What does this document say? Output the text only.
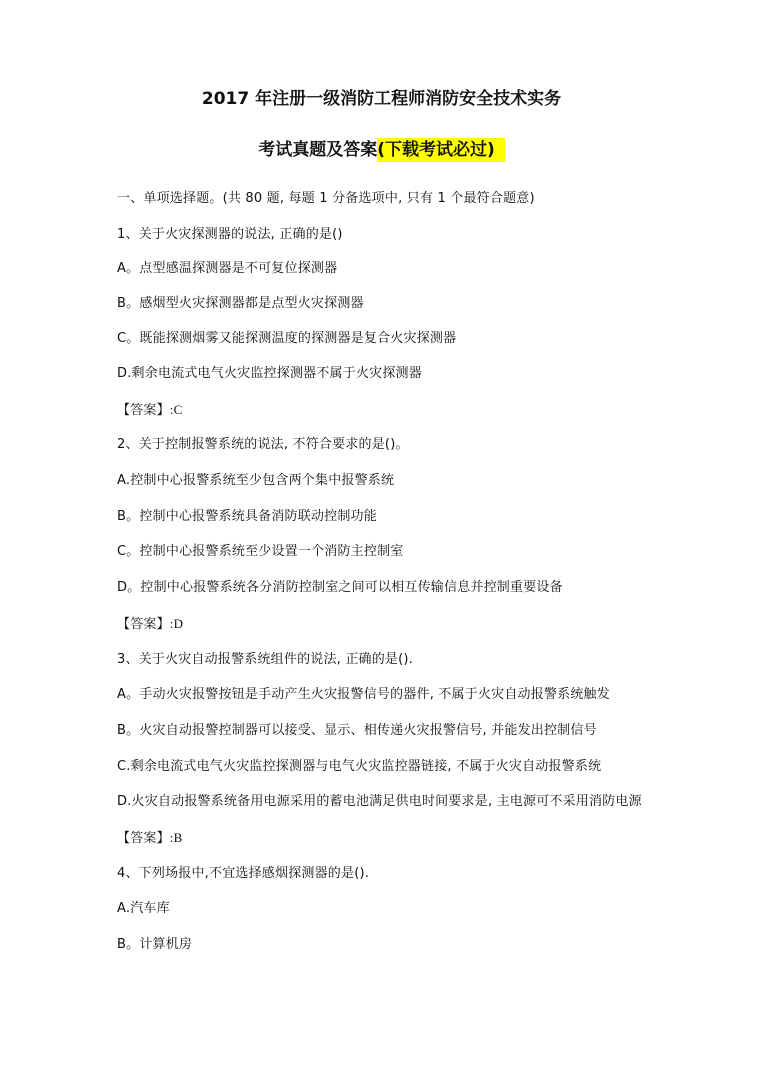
2017 年注册一级消防工程师消防安全技术实务
考试真题及答案(下载考试必过)
一、单项选择题。(共 80 题, 每题 1 分备选项中, 只有 1 个最符合题意)
1、关于火灾探测器的说法, 正确的是()
A。点型感温探测器是不可复位探测器
B。感烟型火灾探测器都是点型火灾探测器
C。既能探测烟雾又能探测温度的探测器是复合火灾探测器
D.剩余电流式电气火灾监控探测器不属于火灾探测器
【答案】:C
2、关于控制报警系统的说法, 不符合要求的是()。
A.控制中心报警系统至少包含两个集中报警系统
B。控制中心报警系统具备消防联动控制功能
C。控制中心报警系统至少设置一个消防主控制室
D。控制中心报警系统各分消防控制室之间可以相互传输信息并控制重要设备
【答案】:D
3、关于火灾自动报警系统组件的说法, 正确的是().
A。手动火灾报警按钮是手动产生火灾报警信号的器件, 不属于火灾自动报警系统触发
B。火灾自动报警控制器可以接受、显示、相传递火灾报警信号, 并能发出控制信号
C.剩余电流式电气火灾监控探测器与电气火灾监控器链接, 不属于火灾自动报警系统
D.火灾自动报警系统备用电源采用的蓄电池满足供电时间要求是, 主电源可不采用消防电源
【答案】:B
4、下列场报中,不宜选择感烟探测器的是().
A.汽车库
B。计算机房
